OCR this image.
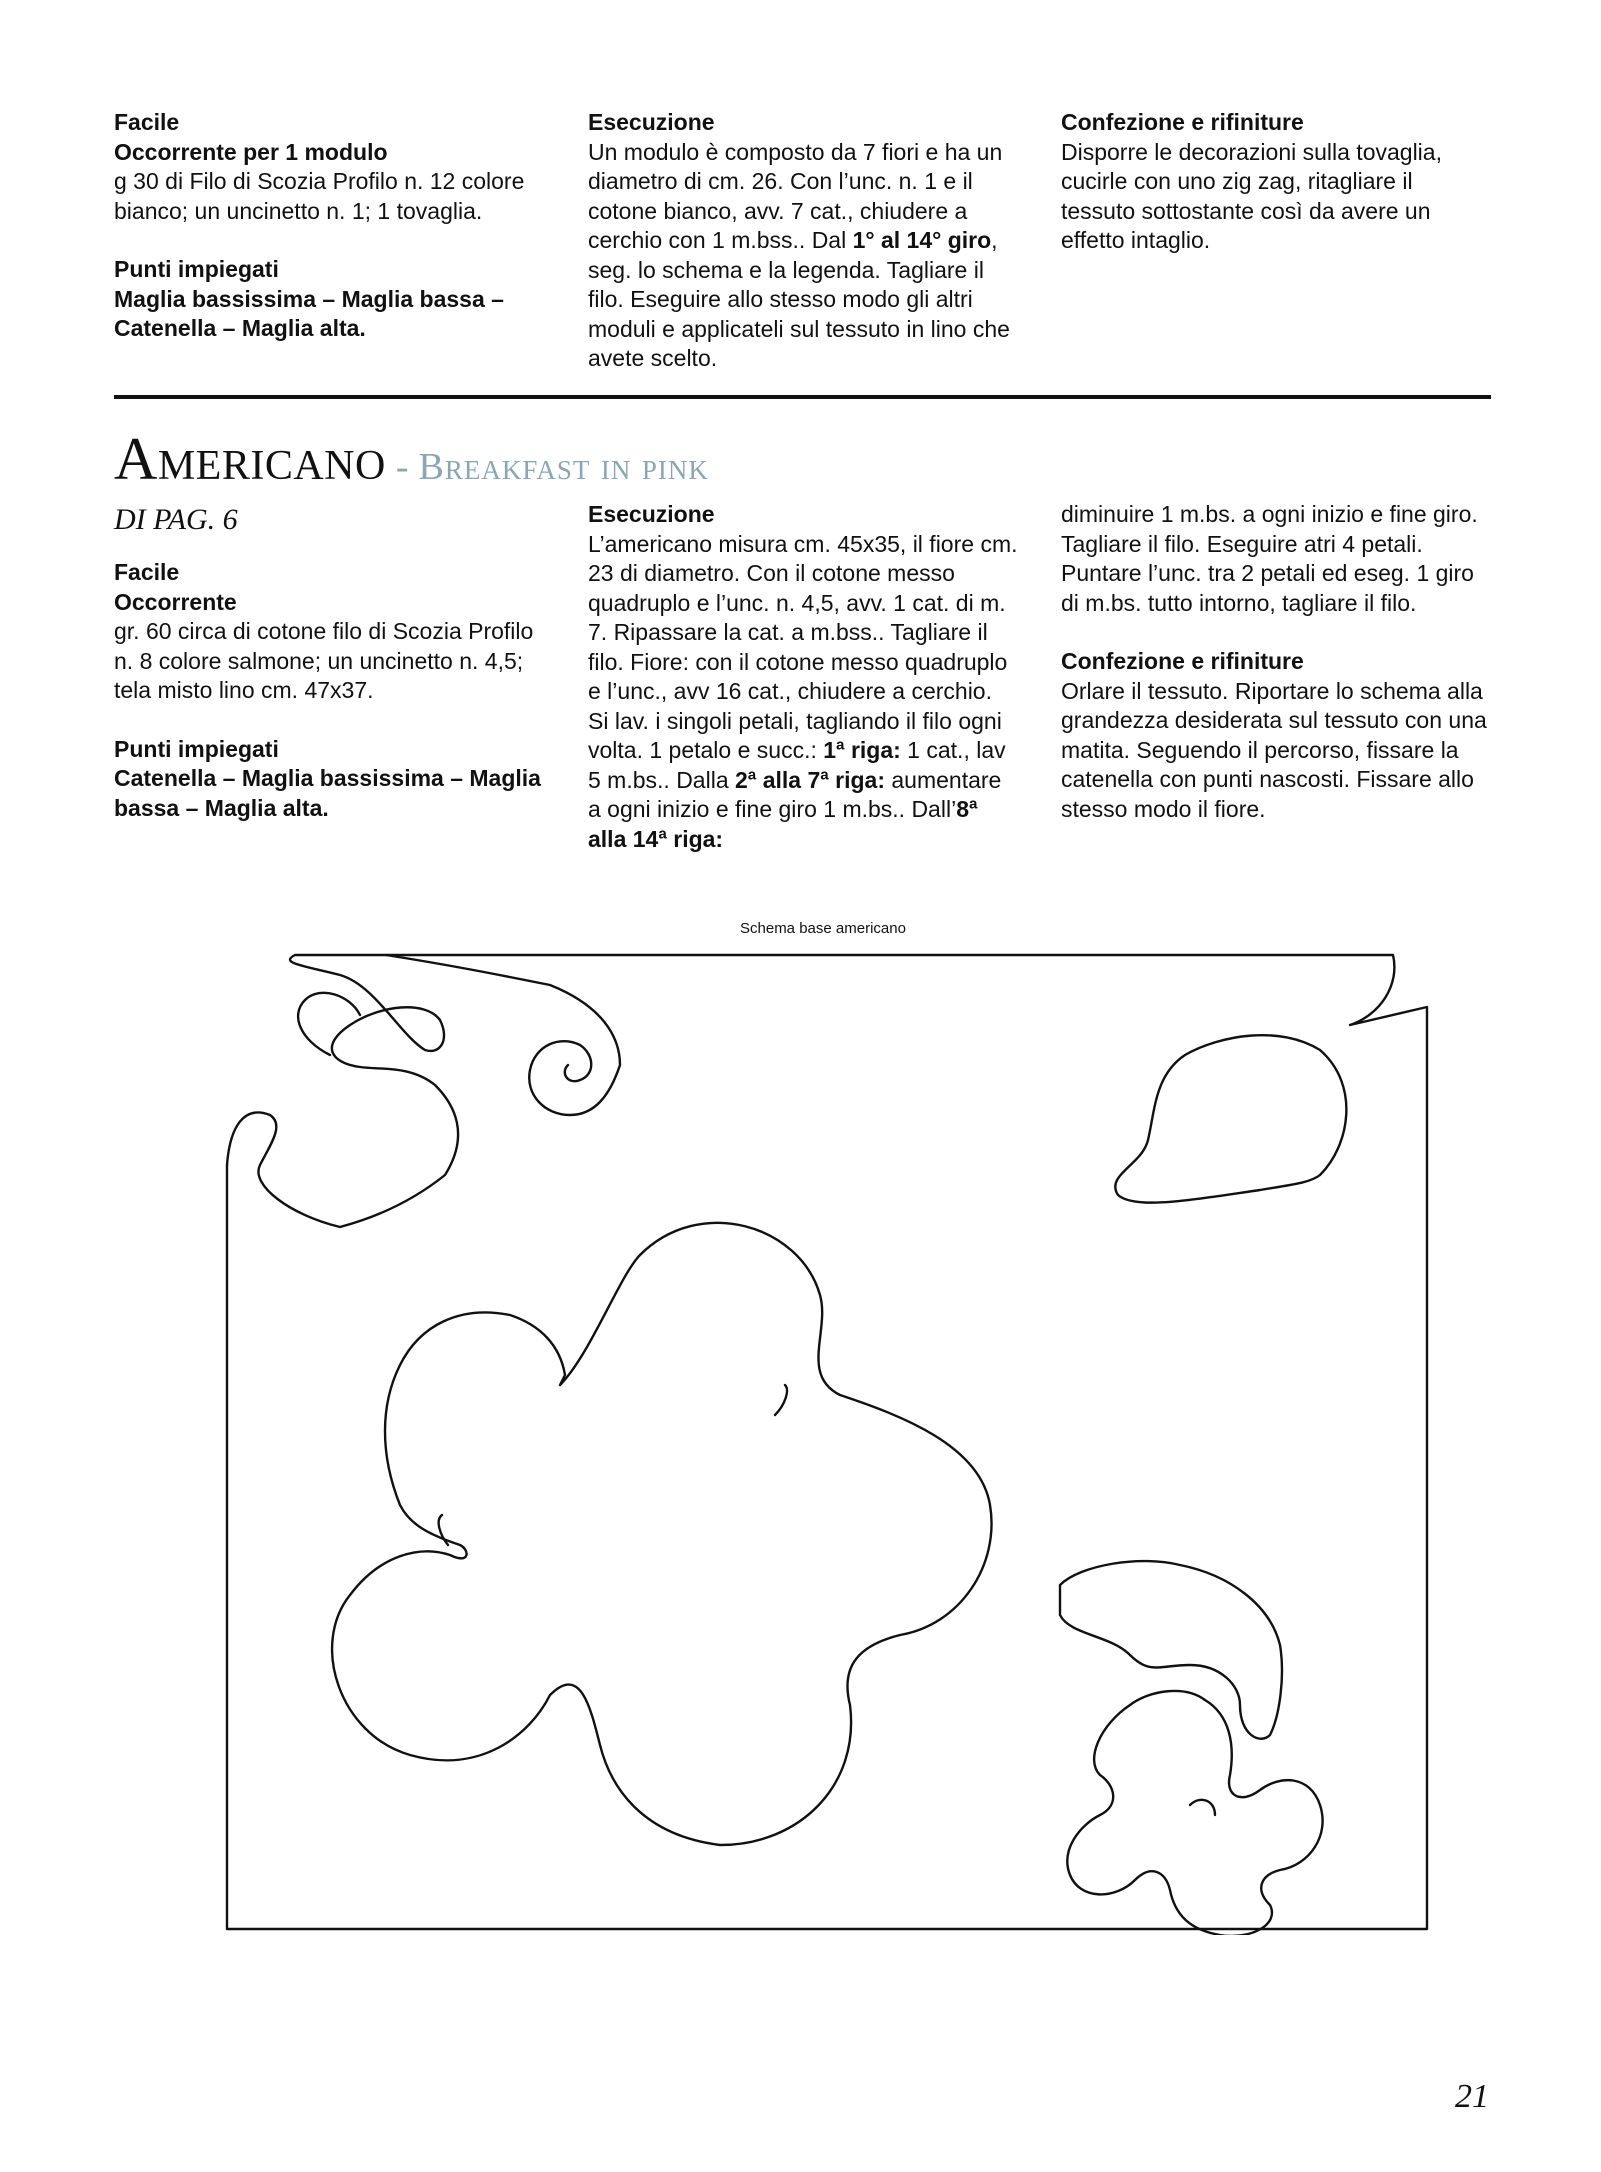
Facile

Occorrente per 1 modulo

g 30 di Filo di Scozia Profilo n. 12 colore bianco; un uncinetto n. 1; 1 tovaglia.

Punti impiegati

Maglia bassissima – Maglia bassa – Catenella – Maglia alta.

Esecuzione

Un modulo è composto da 7 fiori e ha un diametro di cm. 26. Con l’unc. n. 1 e il cotone bianco, avv. 7 cat., chiudere a cerchio con 1 m.bss.. Dal 1° al 14° giro, seg. lo schema e la legenda. Tagliare il filo. Eseguire allo stesso modo gli altri moduli e applicateli sul tessuto in lino che avete scelto.

Confezione e rifiniture

Disporre le decorazioni sulla tovaglia, cucirle con uno zig zag, ritagliare il tessuto sottostante così da avere un effetto intaglio.

Americano - Breakfast in pink
DI PAG. 6

Facile

Occorrente

gr. 60 circa di cotone filo di Scozia Profilo n. 8 colore salmone; un uncinetto n. 4,5; tela misto lino cm. 47x37.

Punti impiegati

Catenella – Maglia bassissima – Maglia bassa – Maglia alta.

Esecuzione

L’americano misura cm. 45x35, il fiore cm. 23 di diametro. Con il cotone messo quadruplo e l’unc. n. 4,5, avv. 1 cat. di m. 7. Ripassare la cat. a m.bss.. Tagliare il filo. Fiore: con il cotone messo quadruplo e l’unc., avv 16 cat., chiudere a cerchio. Si lav. i singoli petali, tagliando il filo ogni volta. 1 petalo e succ.: 1ª riga: 1 cat., lav 5 m.bs.. Dalla 2ª alla 7ª riga: aumentare a ogni inizio e fine giro 1 m.bs.. Dall’8ª alla 14ª riga:

diminuire 1 m.bs. a ogni inizio e fine giro. Tagliare il filo. Eseguire atri 4 petali. Puntare l’unc. tra 2 petali ed eseg. 1 giro di m.bs. tutto intorno, tagliare il filo.

Confezione e rifiniture

Orlare il tessuto. Riportare lo schema alla grandezza desiderata sul tessuto con una matita. Seguendo il percorso, fissare la catenella con punti nascosti. Fissare allo stesso modo il fiore.

Schema base americano
21
